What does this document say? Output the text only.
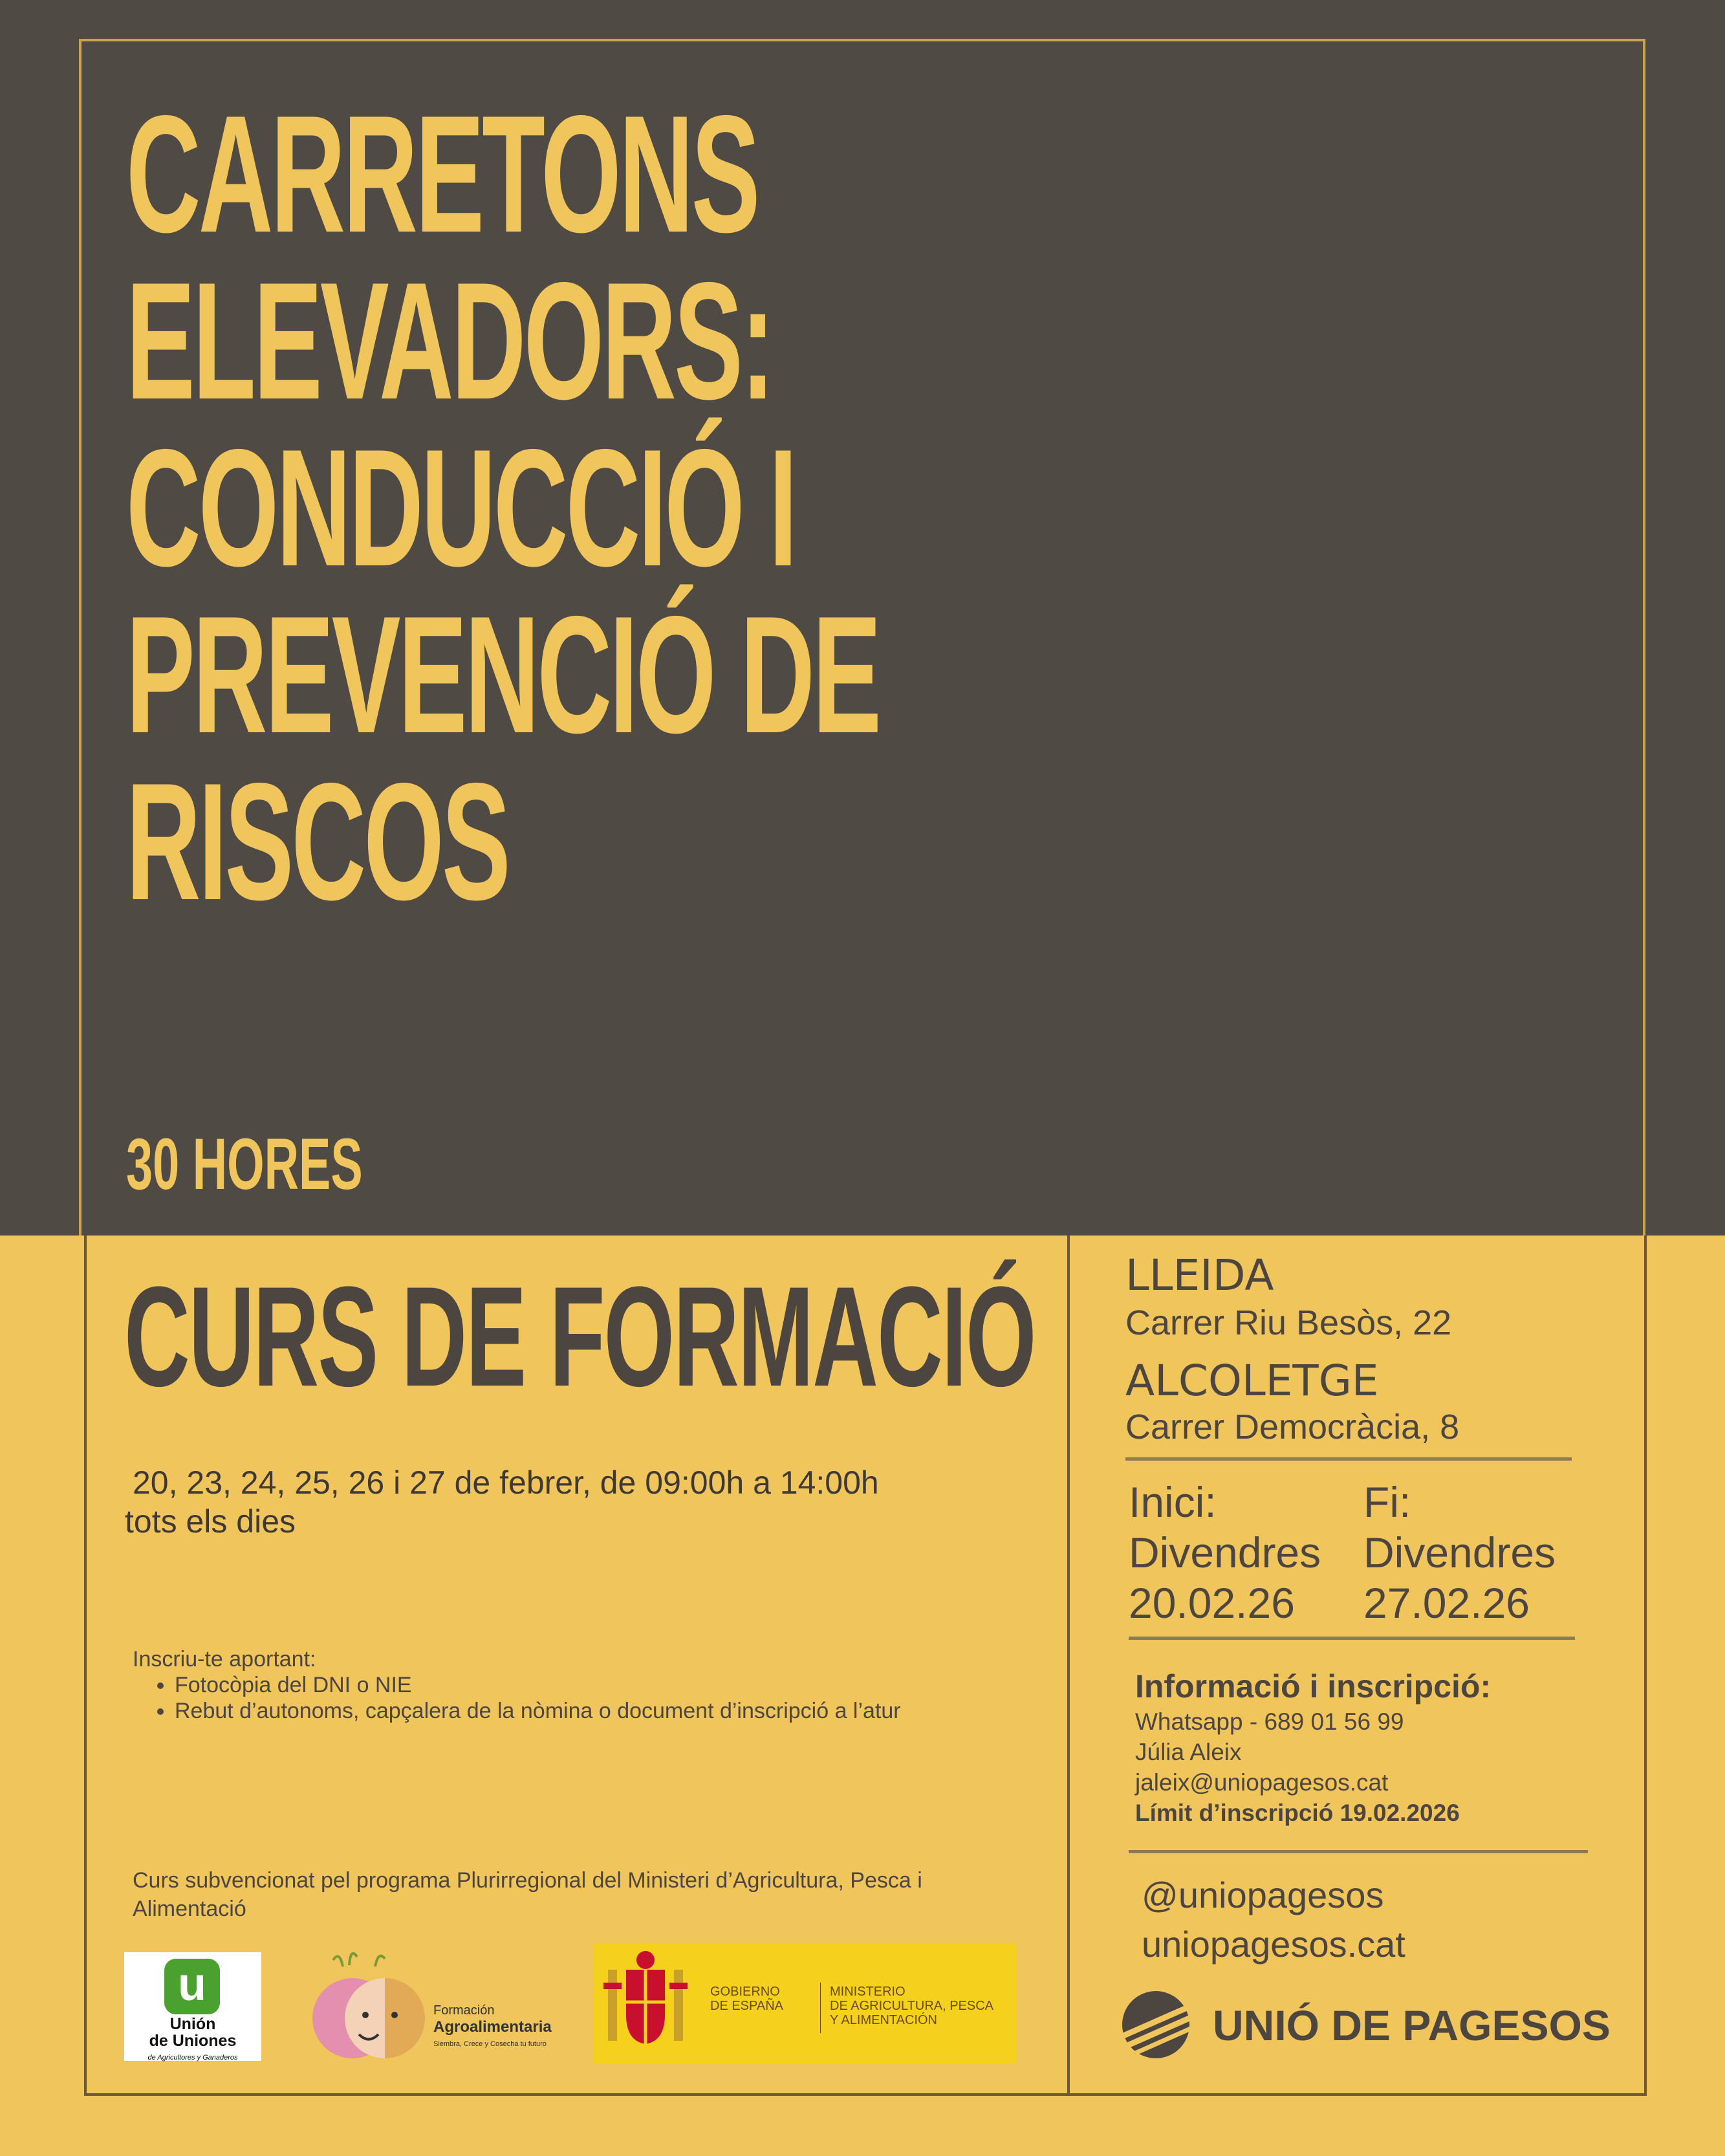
CARRETONS
ELEVADORS:
CONDUCCIÓ I
PREVENCIÓ DE
RISCOS
30 HORES
CURS DE FORMACIÓ
20, 23, 24, 25, 26 i 27 de febrer, de 09:00h a 14:00h
tots els dies
Inscriu-te aportant:
• Fotocòpia del DNI o NIE
• Rebut d’autonoms, capçalera de la nòmina o document d’inscripció a l’atur
Curs subvencionat pel programa Plurirregional del Ministeri d’Agricultura, Pesca i Alimentació
LLEIDA
Carrer Riu Besòs, 22
ALCOLETGE
Carrer Democràcia, 8
Inici:
Divendres
20.02.26
Fi:
Divendres
27.02.26
Informació i inscripció:
Whatsapp - 689 01 56 99
Júlia Aleix
jaleix@uniopagesos.cat
Límit d’inscripció 19.02.2026
@uniopagesos
uniopagesos.cat
UNIÓ DE PAGESOS
u
Unión
de Uniones
de Agricultores y Ganaderos
Formación
Agroalimentaria
Siembra, Crece y Cosecha tu futuro
GOBIERNO
DE ESPAÑA
MINISTERIO
DE AGRICULTURA, PESCA
Y ALIMENTACIÓN
